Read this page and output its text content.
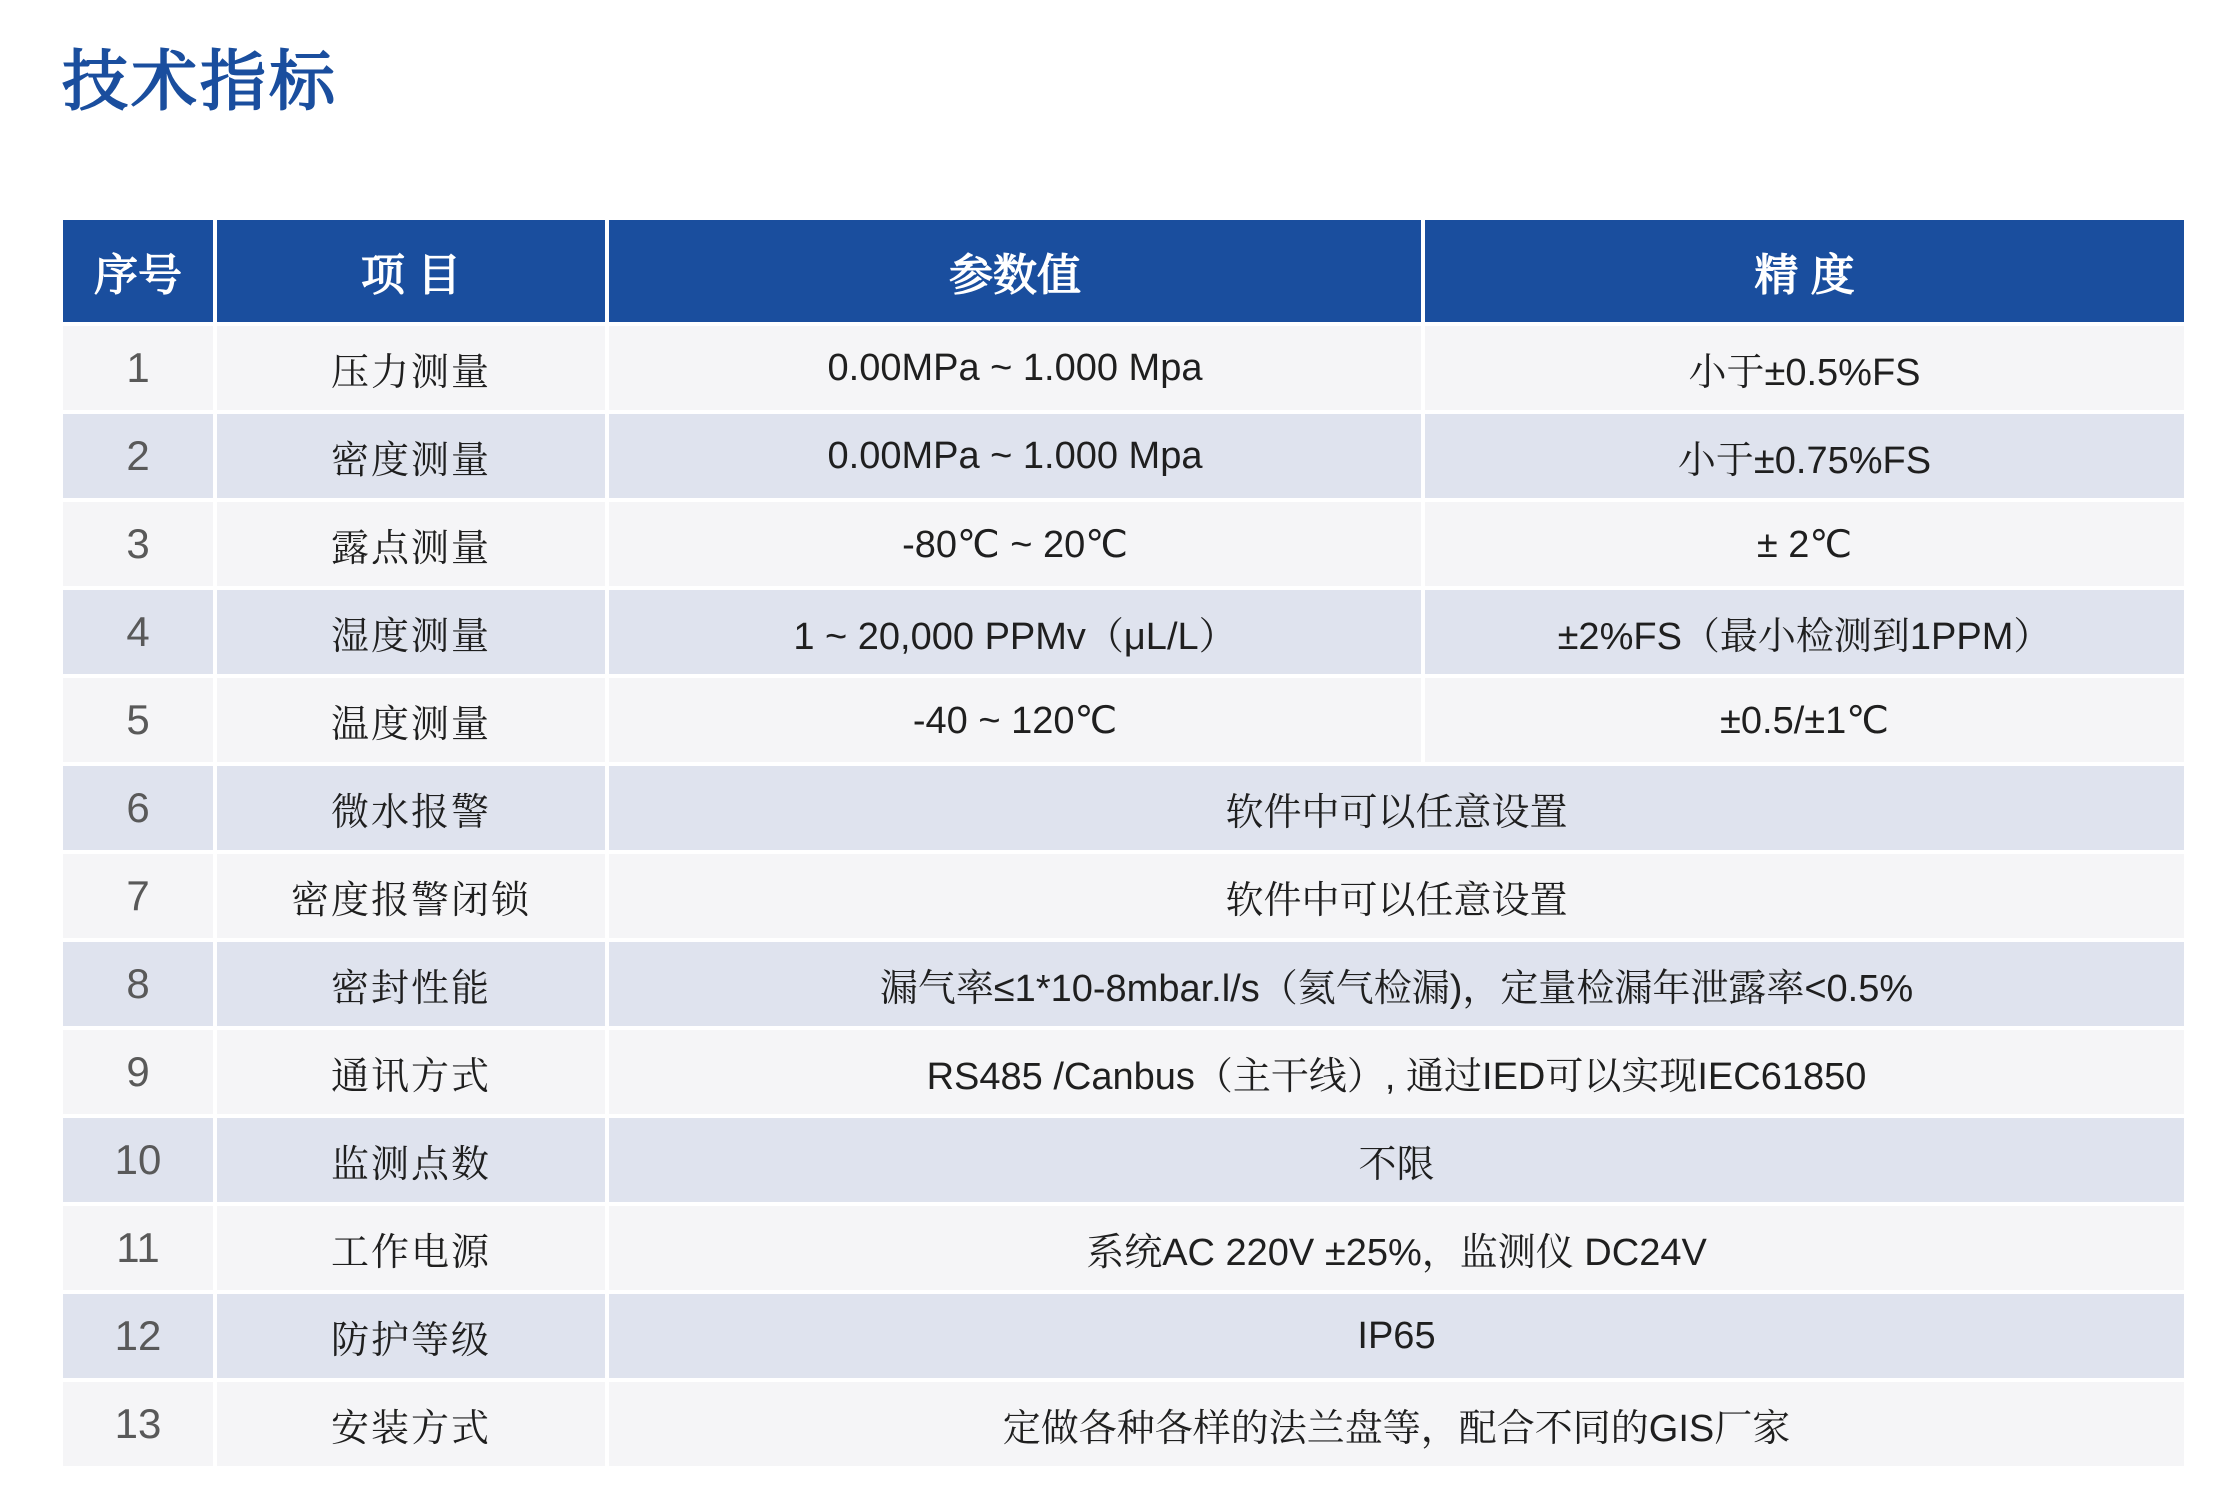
技术指标
序号	项 目	参数值	精 度
1	压力测量	0.00MPa ~ 1.000 Mpa	小于±0.5%FS
2	密度测量	0.00MPa ~ 1.000 Mpa	小于±0.75%FS
3	露点测量	-80℃ ~ 20℃	± 2℃
4	湿度测量	1 ~ 20,000 PPMv（μL/L）	±2%FS（最小检测到1PPM）
5	温度测量	-40 ~ 120℃	±0.5/±1℃
6	微水报警	软件中可以任意设置	
7	密度报警闭锁	软件中可以任意设置	
8	密封性能	漏气率≤1*10-8mbar.l/s（氦气检漏)，定量检漏年泄露率<0.5%	
9	通讯方式	RS485 /Canbus（主干线）, 通过IED可以实现IEC61850	
10	监测点数	不限	
11	工作电源	系统AC 220V ±25%，监测仪 DC24V	
12	防护等级	IP65	
13	安装方式	定做各种各样的法兰盘等，配合不同的GIS厂家	
